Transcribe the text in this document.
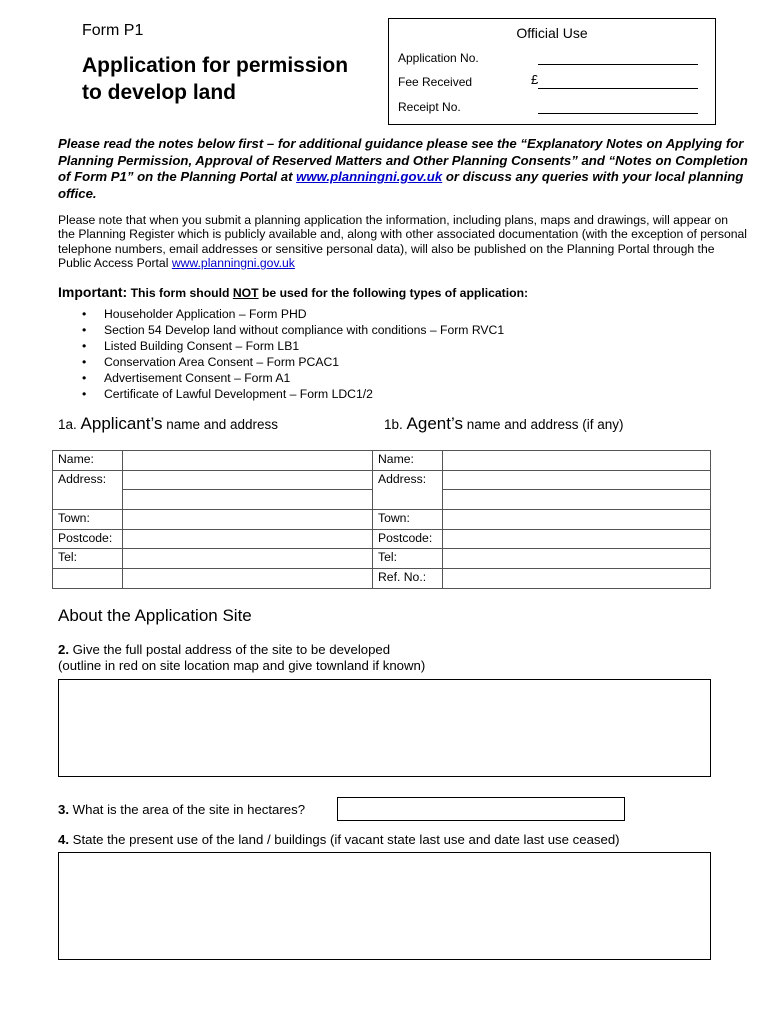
Form P1
Application for permission
to develop land
Official Use
Application No.
Fee Received	£
Receipt No.
Please read the notes below first – for additional guidance please see the “Explanatory Notes on Applying for Planning Permission, Approval of Reserved Matters and Other Planning Consents” and “Notes on Completion of Form P1” on the Planning Portal at www.planningni.gov.uk or discuss any queries with your local planning office.
Please note that when you submit a planning application the information, including plans, maps and drawings, will appear on the Planning Register which is publicly available and, along with other associated documentation (with the exception of personal telephone numbers, email addresses or sensitive personal data), will also be published on the Planning Portal through the Public Access Portal www.planningni.gov.uk
Important: This form should NOT be used for the following types of application:
• Householder Application – Form PHD
• Section 54 Develop land without compliance with conditions – Form RVC1
• Listed Building Consent – Form LB1
• Conservation Area Consent – Form PCAC1
• Advertisement Consent – Form A1
• Certificate of Lawful Development – Form LDC1/2
1a. Applicant’s name and address	1b. Agent’s name and address (if any)
Name:		Name:	
Address:		Address:	

Town:		Town:	
Postcode:		Postcode:	
Tel:		Tel:	
		Ref. No.:	
About the Application Site
2. Give the full postal address of the site to be developed
(outline in red on site location map and give townland if known)
3. What is the area of the site in hectares?
4. State the present use of the land / buildings (if vacant state last use and date last use ceased)
